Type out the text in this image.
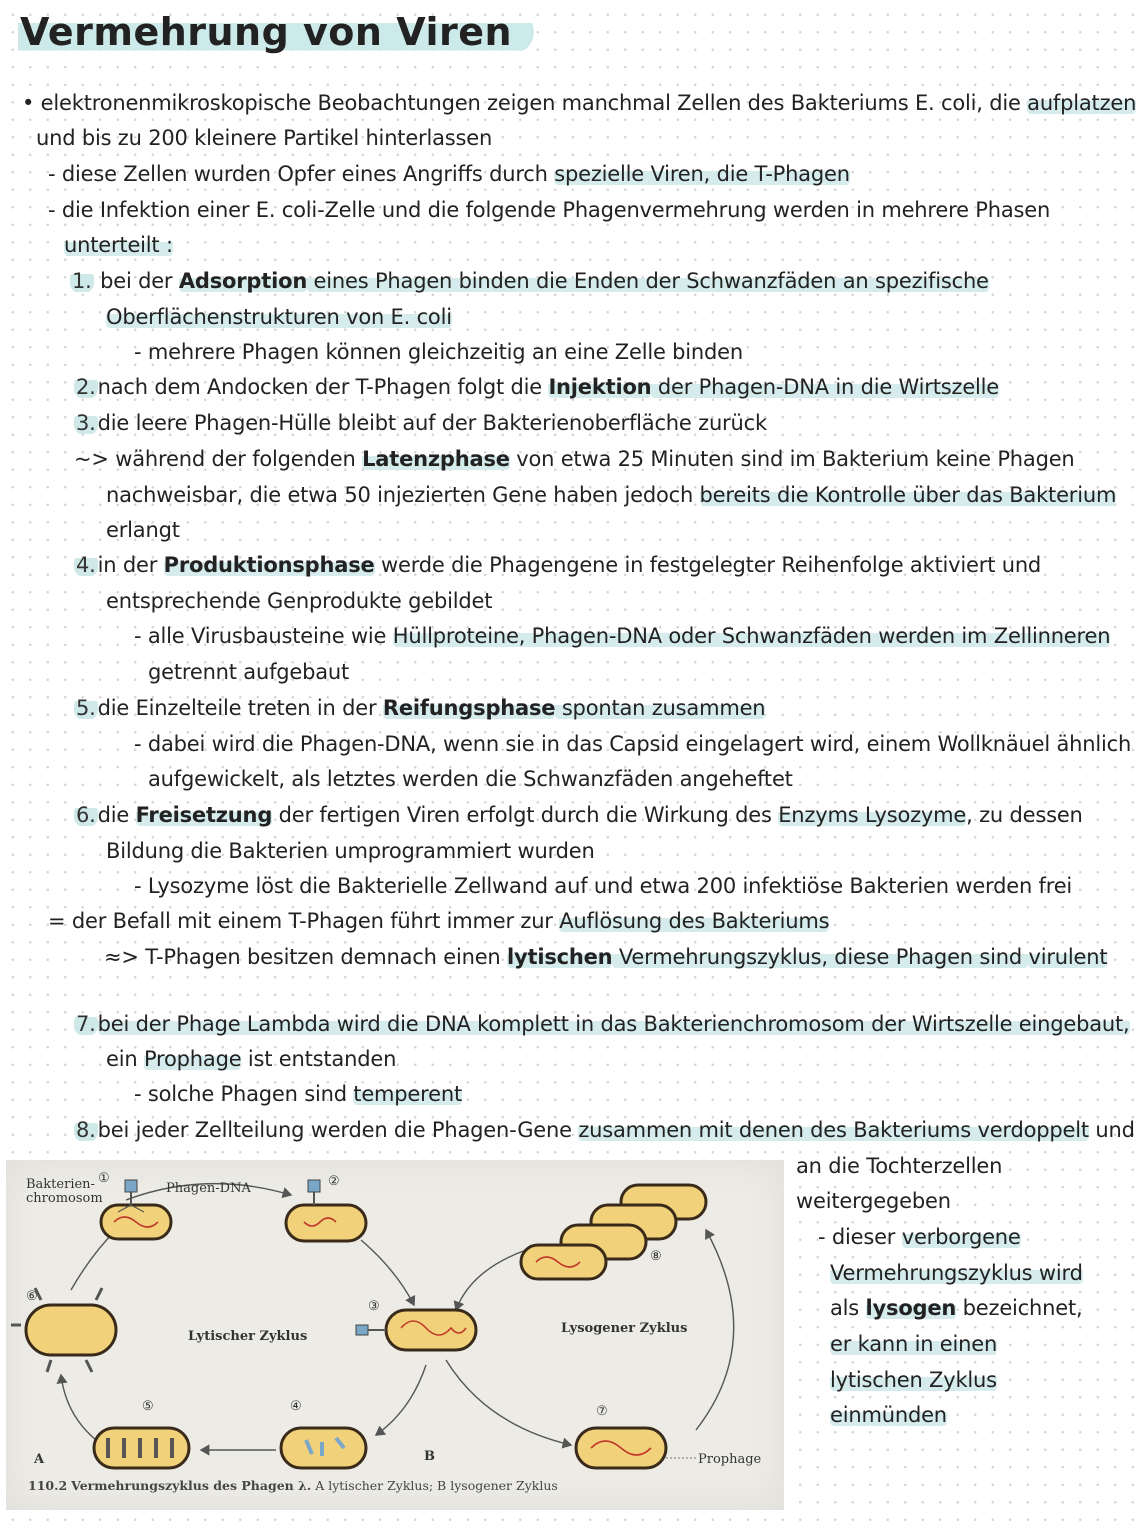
Vermehrung von Viren
• elektronenmikroskopische Beobachtungen zeigen manchmal Zellen des Bakteriums E. coli, die aufplatzen
und bis zu 200 kleinere Partikel hinterlassen
- diese Zellen wurden Opfer eines Angriffs durch spezielle Viren, die T-Phagen
- die Infektion einer E. coli-Zelle und die folgende Phagenvermehrung werden in mehrere Phasen
unterteilt :
1. bei der Adsorption eines Phagen binden die Enden der Schwanzfäden an spezifische
Oberflächenstrukturen von E. coli
- mehrere Phagen können gleichzeitig an eine Zelle binden
2.nach dem Andocken der T-Phagen folgt die Injektion der Phagen-DNA in die Wirtszelle
3.die leere Phagen-Hülle bleibt auf der Bakterienoberfläche zurück
~> während der folgenden Latenzphase von etwa 25 Minuten sind im Bakterium keine Phagen
nachweisbar, die etwa 50 injezierten Gene haben jedoch bereits die Kontrolle über das Bakterium
erlangt
4.in der Produktionsphase werde die Phagengene in festgelegter Reihenfolge aktiviert und
entsprechende Genprodukte gebildet
- alle Virusbausteine wie Hüllproteine, Phagen-DNA oder Schwanzfäden werden im Zellinneren
getrennt aufgebaut
5.die Einzelteile treten in der Reifungsphase spontan zusammen
- dabei wird die Phagen-DNA, wenn sie in das Capsid eingelagert wird, einem Wollknäuel ähnlich
aufgewickelt, als letztes werden die Schwanzfäden angeheftet
6.die Freisetzung der fertigen Viren erfolgt durch die Wirkung des Enzyms Lysozyme, zu dessen
Bildung die Bakterien umprogrammiert wurden
- Lysozyme löst die Bakterielle Zellwand auf und etwa 200 infektiöse Bakterien werden frei
= der Befall mit einem T-Phagen führt immer zur Auflösung des Bakteriums
≈> T-Phagen besitzen demnach einen lytischen Vermehrungszyklus, diese Phagen sind virulent
7.bei der Phage Lambda wird die DNA komplett in das Bakterienchromosom der Wirtszelle eingebaut,
ein Prophage ist entstanden
- solche Phagen sind temperent
8.bei jeder Zellteilung werden die Phagen-Gene zusammen mit denen des Bakteriums verdoppelt und
an die Tochterzellen
weitergegeben
- dieser verborgene
Vermehrungszyklus wird
als lysogen bezeichnet,
er kann in einen
lytischen Zyklus
einmünden
Bakterien-
chromosom
Phagen-DNA
Lytischer Zyklus
Lysogener Zyklus
Prophage
A	B
①	②
③
④
⑤
⑥
⑦
⑧
110.2 Vermehrungszyklus des Phagen λ. A lytischer Zyklus; B lysogener Zyklus
